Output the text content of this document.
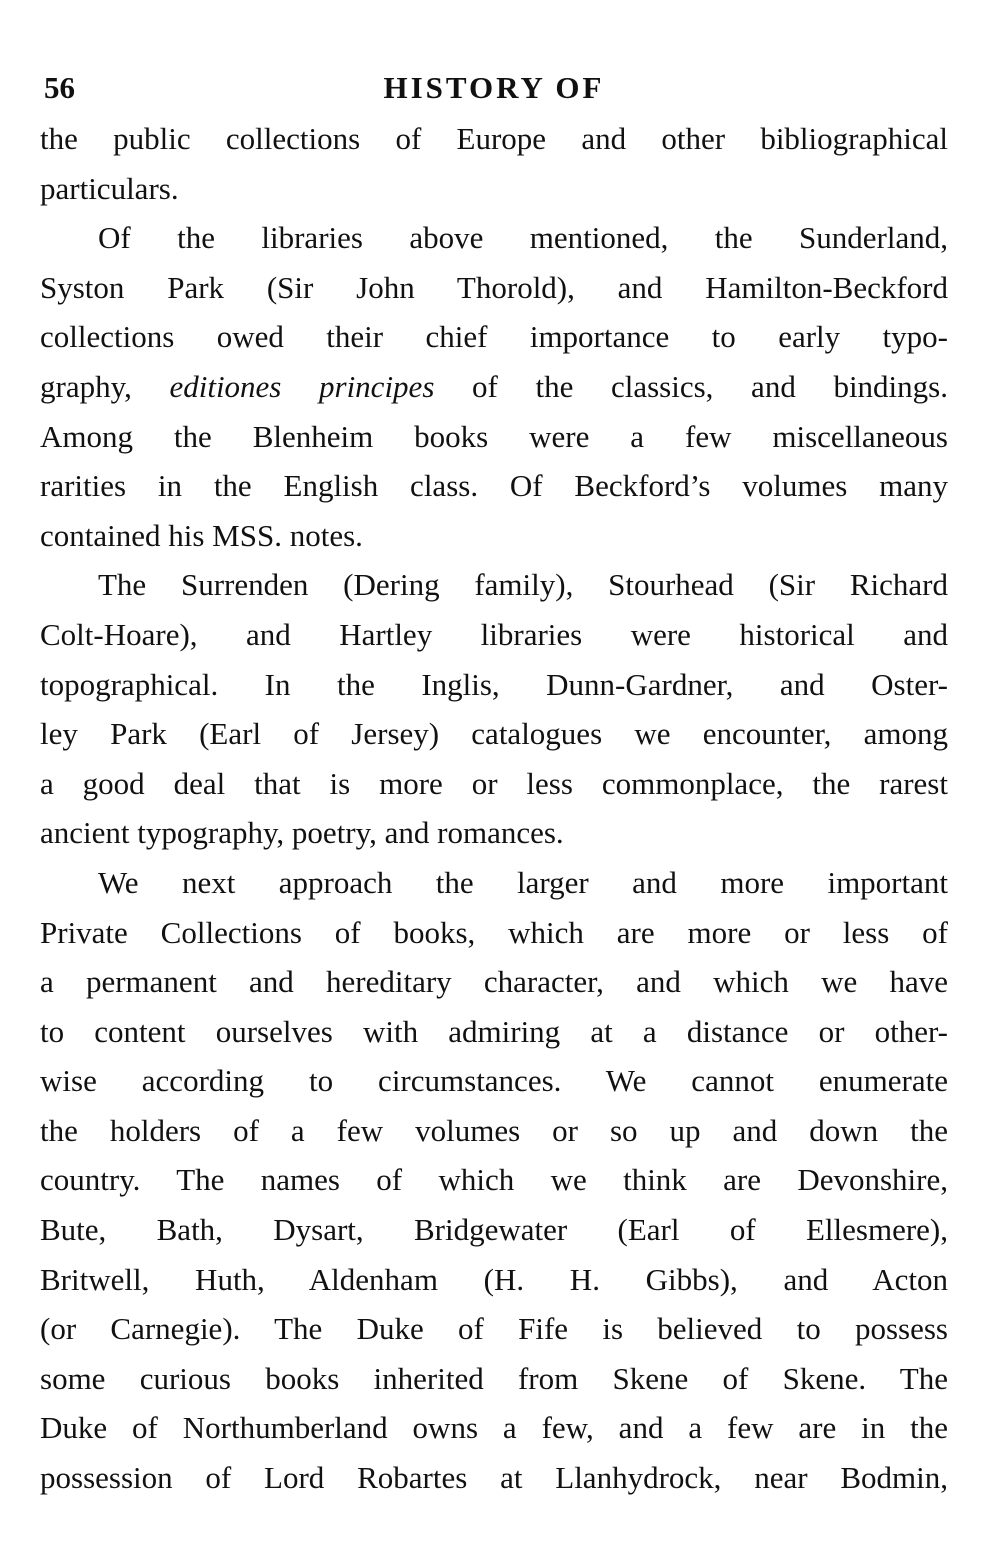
56	HISTORY OF

the public collections of Europe and other bibliographical
particulars.

Of the libraries above mentioned, the Sunderland,
Syston Park (Sir John Thorold), and Hamilton-Beckford
collections owed their chief importance to early typo-
graphy, editiones principes of the classics, and bindings.
Among the Blenheim books were a few miscellaneous
rarities in the English class. Of Beckford’s volumes many
contained his MSS. notes.

The Surrenden (Dering family), Stourhead (Sir Richard
Colt-Hoare), and Hartley libraries were historical and
topographical. In the Inglis, Dunn-Gardner, and Oster-
ley Park (Earl of Jersey) catalogues we encounter, among
a good deal that is more or less commonplace, the rarest
ancient typography, poetry, and romances.

We next approach the larger and more important
Private Collections of books, which are more or less of
a permanent and hereditary character, and which we have
to content ourselves with admiring at a distance or other-
wise according to circumstances. We cannot enumerate
the holders of a few volumes or so up and down the
country. The names of which we think are Devonshire,
Bute, Bath, Dysart, Bridgewater (Earl of Ellesmere),
Britwell, Huth, Aldenham (H. H. Gibbs), and Acton
(or Carnegie). The Duke of Fife is believed to possess
some curious books inherited from Skene of Skene. The
Duke of Northumberland owns a few, and a few are in the
possession of Lord Robartes at Llanhydrock, near Bodmin,
